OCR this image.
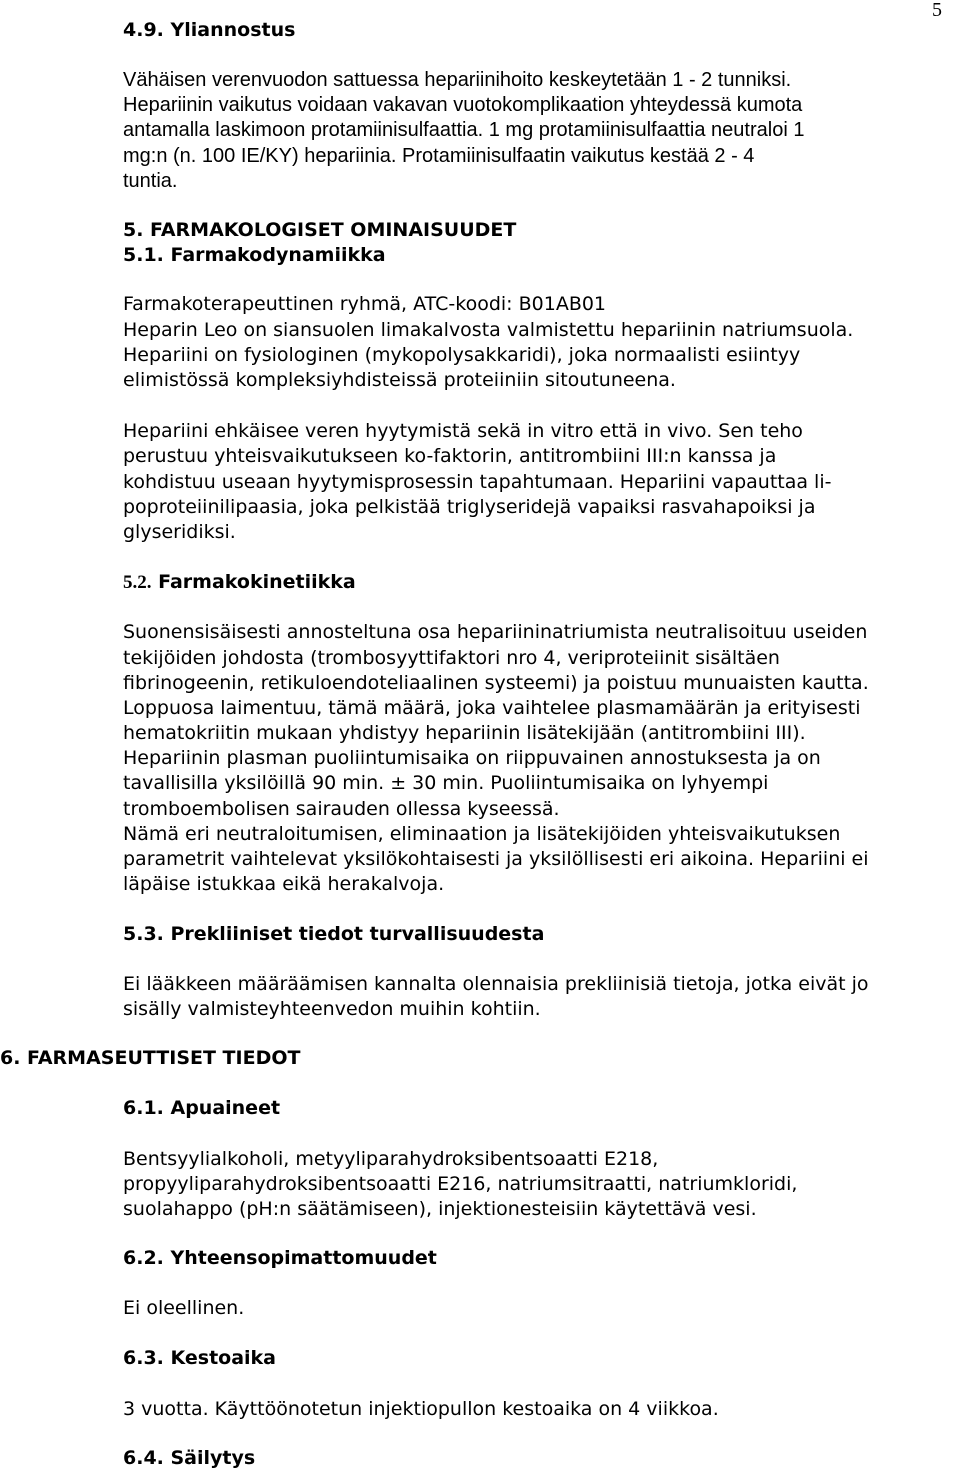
5
4.9. Yliannostus
Vähäisen verenvuodon sattuessa hepariinihoito keskeytetään 1 - 2 tunniksi.
Hepariinin vaikutus voidaan vakavan vuotokomplikaation yhteydessä kumota
antamalla laskimoon protamiinisulfaattia. 1 mg protamiinisulfaattia neutraloi 1
mg:n (n. 100 IE/KY) hepariinia. Protamiinisulfaatin vaikutus kestää 2 - 4
tuntia.
5. FARMAKOLOGISET OMINAISUUDET
5.1. Farmakodynamiikka
Farmakoterapeuttinen ryhmä, ATC-koodi: B01AB01
Heparin Leo on siansuolen limakalvosta valmistettu hepariinin natriumsuola.
Hepariini on fysiologinen (mykopolysakkaridi), joka normaalisti esiintyy
elimistössä kompleksiyhdisteissä proteiiniin sitoutuneena.
Hepariini ehkäisee veren hyytymistä sekä in vitro että in vivo. Sen teho
perustuu yhteisvaikutukseen ko-faktorin, antitrombiini III:n kanssa ja
kohdistuu useaan hyytymisprosessin tapahtumaan. Hepariini vapauttaa li-
poproteiinilipaasia, joka pelkistää triglyseridejä vapaiksi rasvahapoiksi ja
glyseridiksi.
5.2. Farmakokinetiikka
Suonensisäisesti annosteltuna osa hepariininatriumista neutralisoituu useiden
tekijöiden johdosta (trombosyyttifaktori nro 4, veriproteiinit sisältäen
fibrinogeenin, retikuloendoteliaalinen systeemi) ja poistuu munuaisten kautta.
Loppuosa laimentuu, tämä määrä, joka vaihtelee plasmamäärän ja erityisesti
hematokriitin mukaan yhdistyy hepariinin lisätekijään (antitrombiini III).
Hepariinin plasman puoliintumisaika on riippuvainen annostuksesta ja on
tavallisilla yksilöillä 90 min. ± 30 min. Puoliintumisaika on lyhyempi
tromboembolisen sairauden ollessa kyseessä.
Nämä eri neutraloitumisen, eliminaation ja lisätekijöiden yhteisvaikutuksen
parametrit vaihtelevat yksilökohtaisesti ja yksilöllisesti eri aikoina. Hepariini ei
läpäise istukkaa eikä herakalvoja.
5.3. Prekliiniset tiedot turvallisuudesta
Ei lääkkeen määräämisen kannalta olennaisia prekliinisiä tietoja, jotka eivät jo
sisälly valmisteyhteenvedon muihin kohtiin.
6. FARMASEUTTISET TIEDOT
6.1. Apuaineet
Bentsyylialkoholi, metyyliparahydroksibentsoaatti E218,
propyyliparahydroksibentsoaatti E216, natriumsitraatti, natriumkloridi,
suolahappo (pH:n säätämiseen), injektionesteisiin käytettävä vesi.
6.2. Yhteensopimattomuudet
Ei oleellinen.
6.3. Kestoaika
3 vuotta. Käyttöönotetun injektiopullon kestoaika on 4 viikkoa.
6.4. Säilytys
